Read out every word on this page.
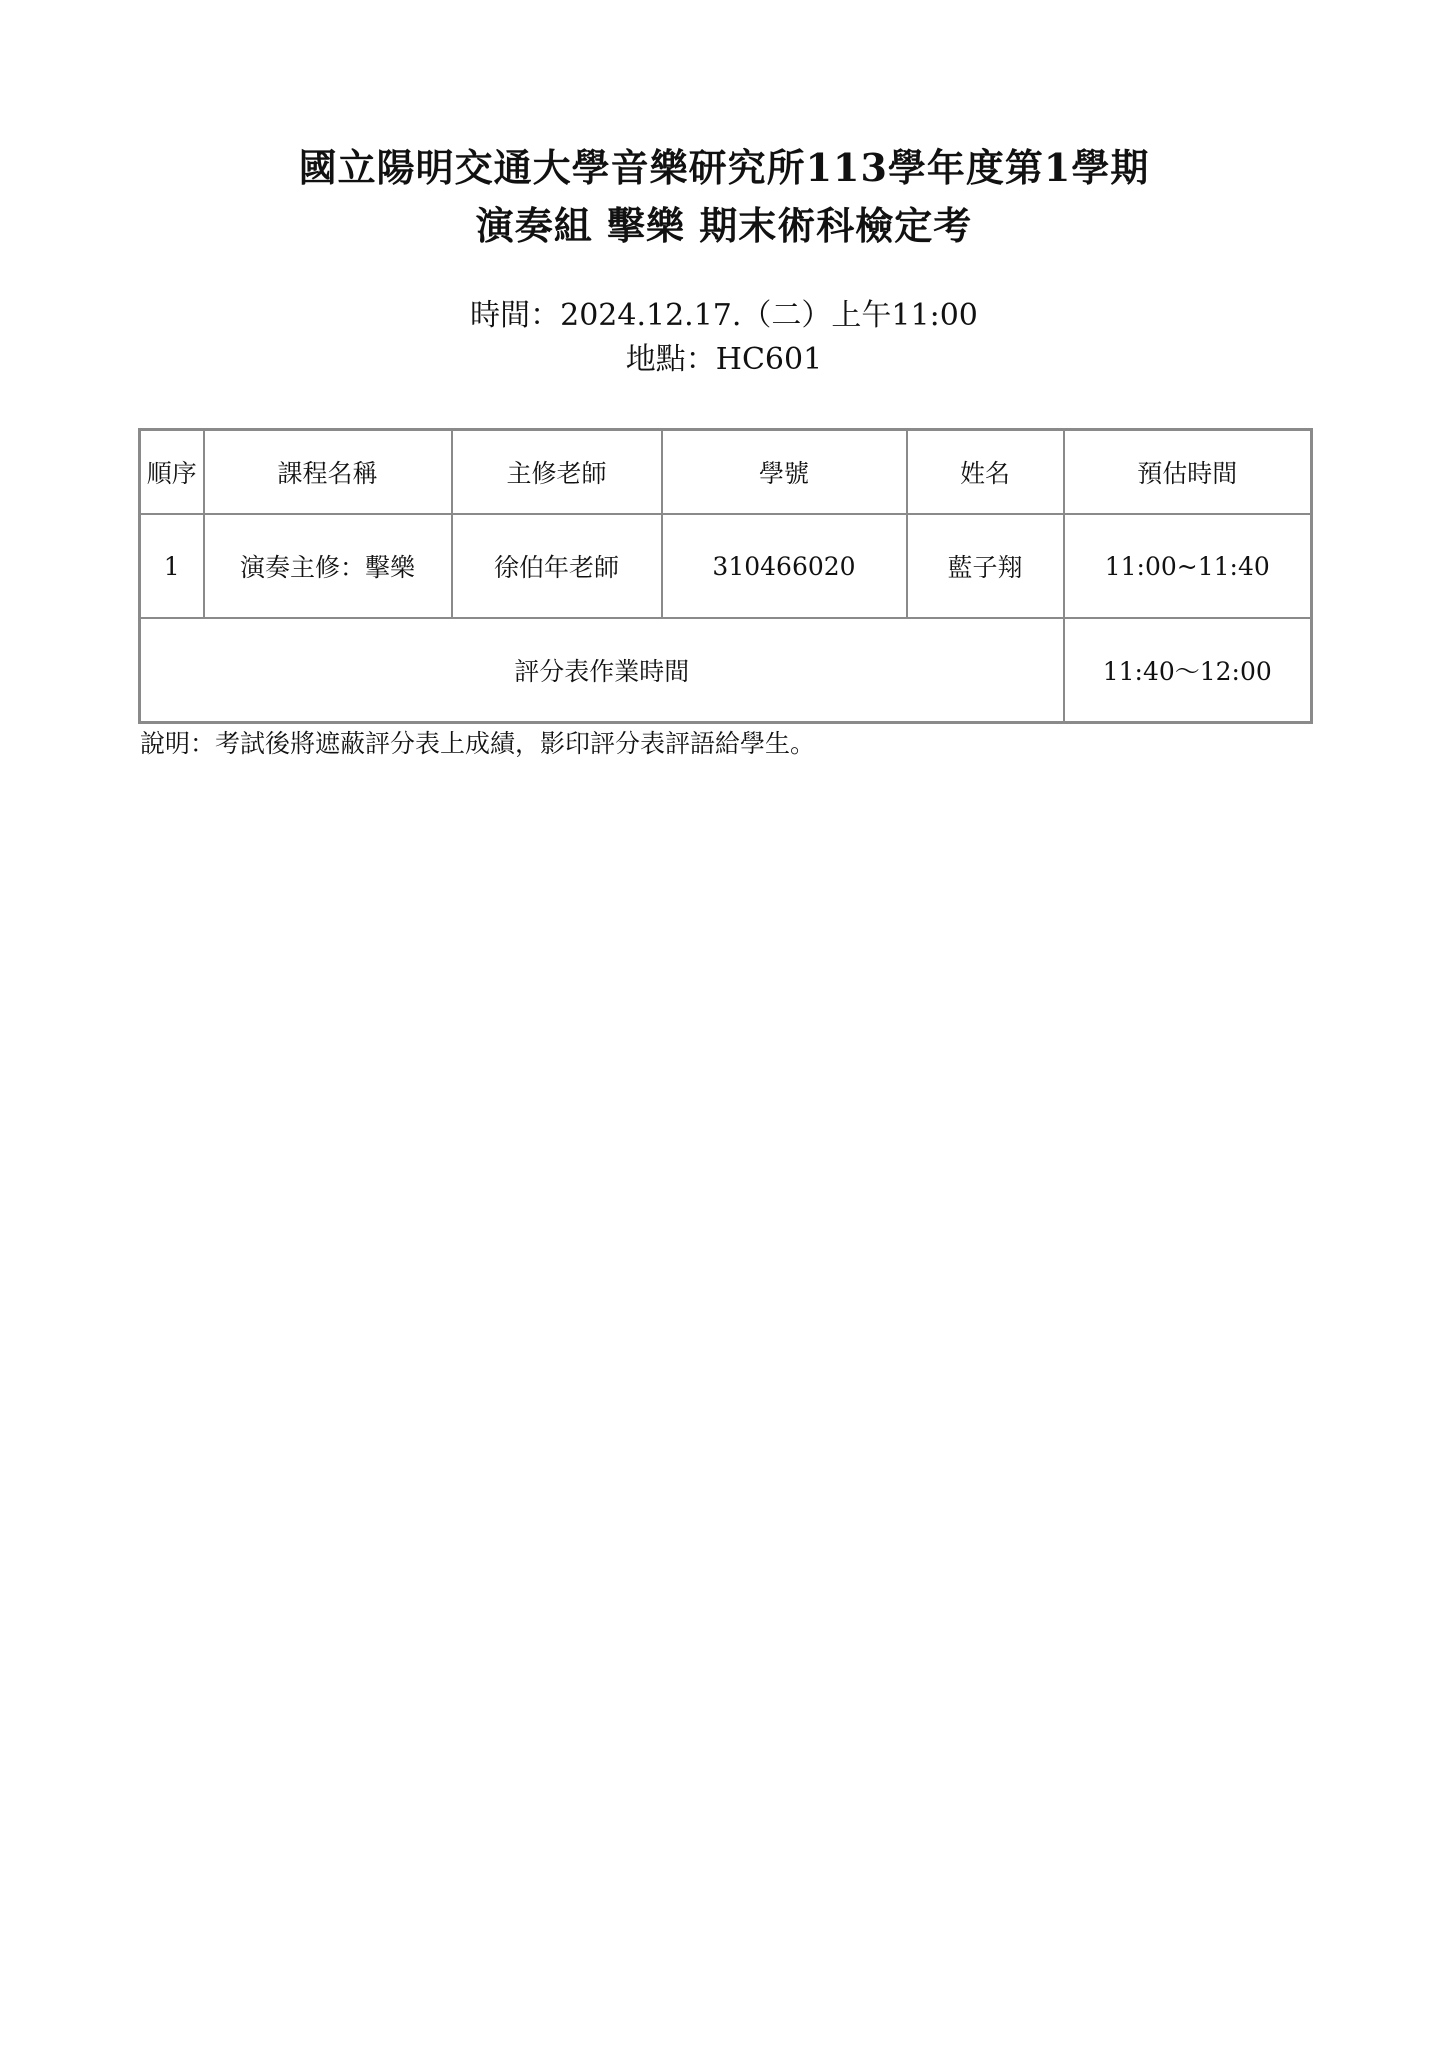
國立陽明交通大學音樂研究所113學年度第1學期
演奏組 擊樂 期末術科檢定考
時間：2024.12.17.（二）上午11:00
地點：HC601
順序	課程名稱	主修老師	學號	姓名	預估時間
1	演奏主修：擊樂	徐伯年老師	310466020	藍子翔	11:00~11:40
評分表作業時間					11:40～12:00
說明：考試後將遮蔽評分表上成績，影印評分表評語給學生。
